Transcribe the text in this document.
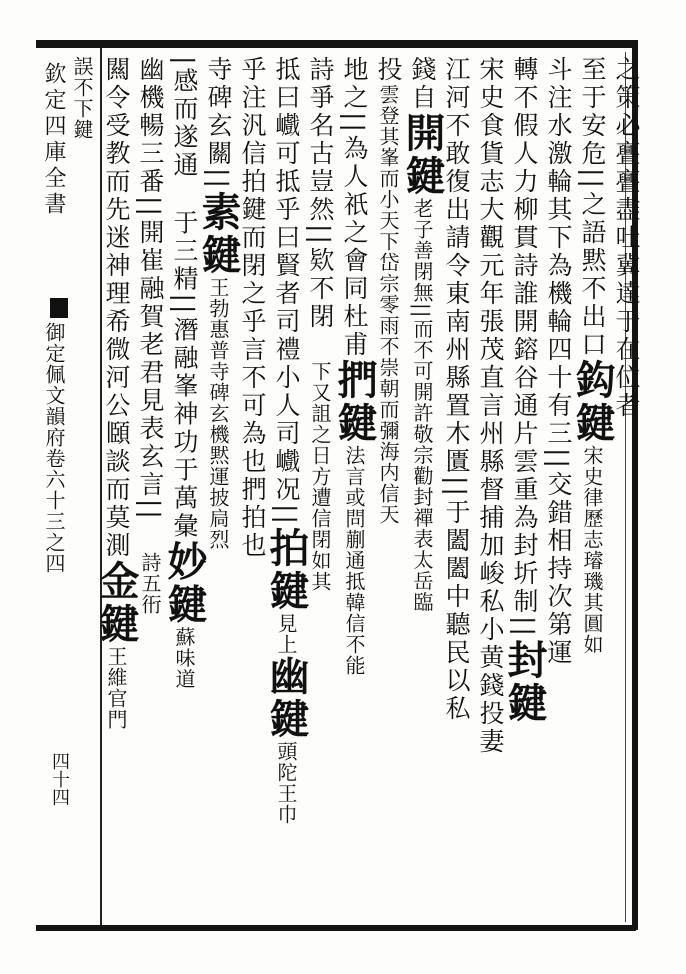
欽定四庫全書
御定佩文韻府卷六十三之四
四十四
之策必亹亹盡吐冀達于在位者
至于安危||之語黙不出口鈎鍵宋史律歷志璿璣其圓如
斗注水激輪其下為機輪四十有三||交錯相持次第運
轉不假人力柳貫詩誰開鎔谷通片雲重為封圻制||封鍵
宋史食貨志大觀元年張茂直言州縣督捕加峻私小黄錢投妻
江河不敢復出請令東南州縣置木匱||于闔闔中聽民以私
錢自開鍵老子善閉無||而不可開許敬宗勸封禪表太岳臨
投雲登其峯而小天下岱宗零雨不崇朝而彌海内信天
地之||為人祇之會同杜甫捫鍵法言或問蒯通抵韓信不能
詩爭名古豈然||欵不閉下又詛之日方遭信閉如其
抵曰巇可抵乎曰賢者司禮小人司巇况||拍鍵見上幽鍵頭陀王巾
乎注汎信拍鍵而閉之乎言不可為也捫拍也
寺碑玄關||素鍵王勃惠普寺碑玄機黙運披扃烈
|感而遂通于三精||潛融峯神功于萬彙妙鍵蘇味道
幽機暢三番||開崔融賀老君見表玄言||詩五衎
闗令受教而先迷神理希微河公頥談而莫測金鍵王維官門
誤不下鍵
